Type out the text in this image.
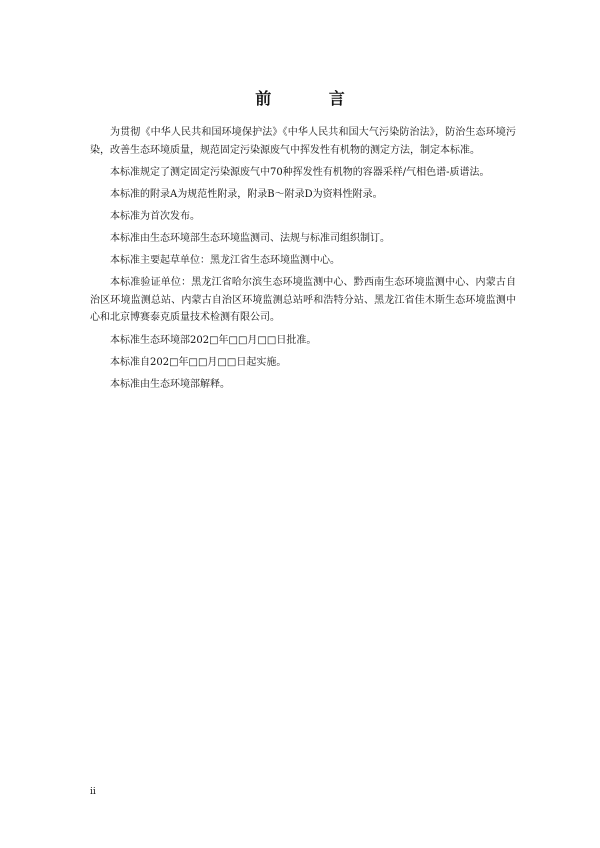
前 言

为贯彻《中华人民共和国环境保护法》《中华人民共和国大气污染防治法》，防治生态环境污染，改善生态环境质量，规范固定污染源废气中挥发性有机物的测定方法，制定本标准。

本标准规定了测定固定污染源废气中70种挥发性有机物的容器采样/气相色谱-质谱法。

本标准的附录A为规范性附录，附录B～附录D为资料性附录。

本标准为首次发布。

本标准由生态环境部生态环境监测司、法规与标准司组织制订。

本标准主要起草单位：黑龙江省生态环境监测中心。

本标准验证单位：黑龙江省哈尔滨生态环境监测中心、黔西南生态环境监测中心、内蒙古自治区环境监测总站、内蒙古自治区环境监测总站呼和浩特分站、黑龙江省佳木斯生态环境监测中心和北京博赛泰克质量技术检测有限公司。

本标准生态环境部202□年□□月□□日批准。

本标准自202□年□□月□□日起实施。

本标准由生态环境部解释。

ii
